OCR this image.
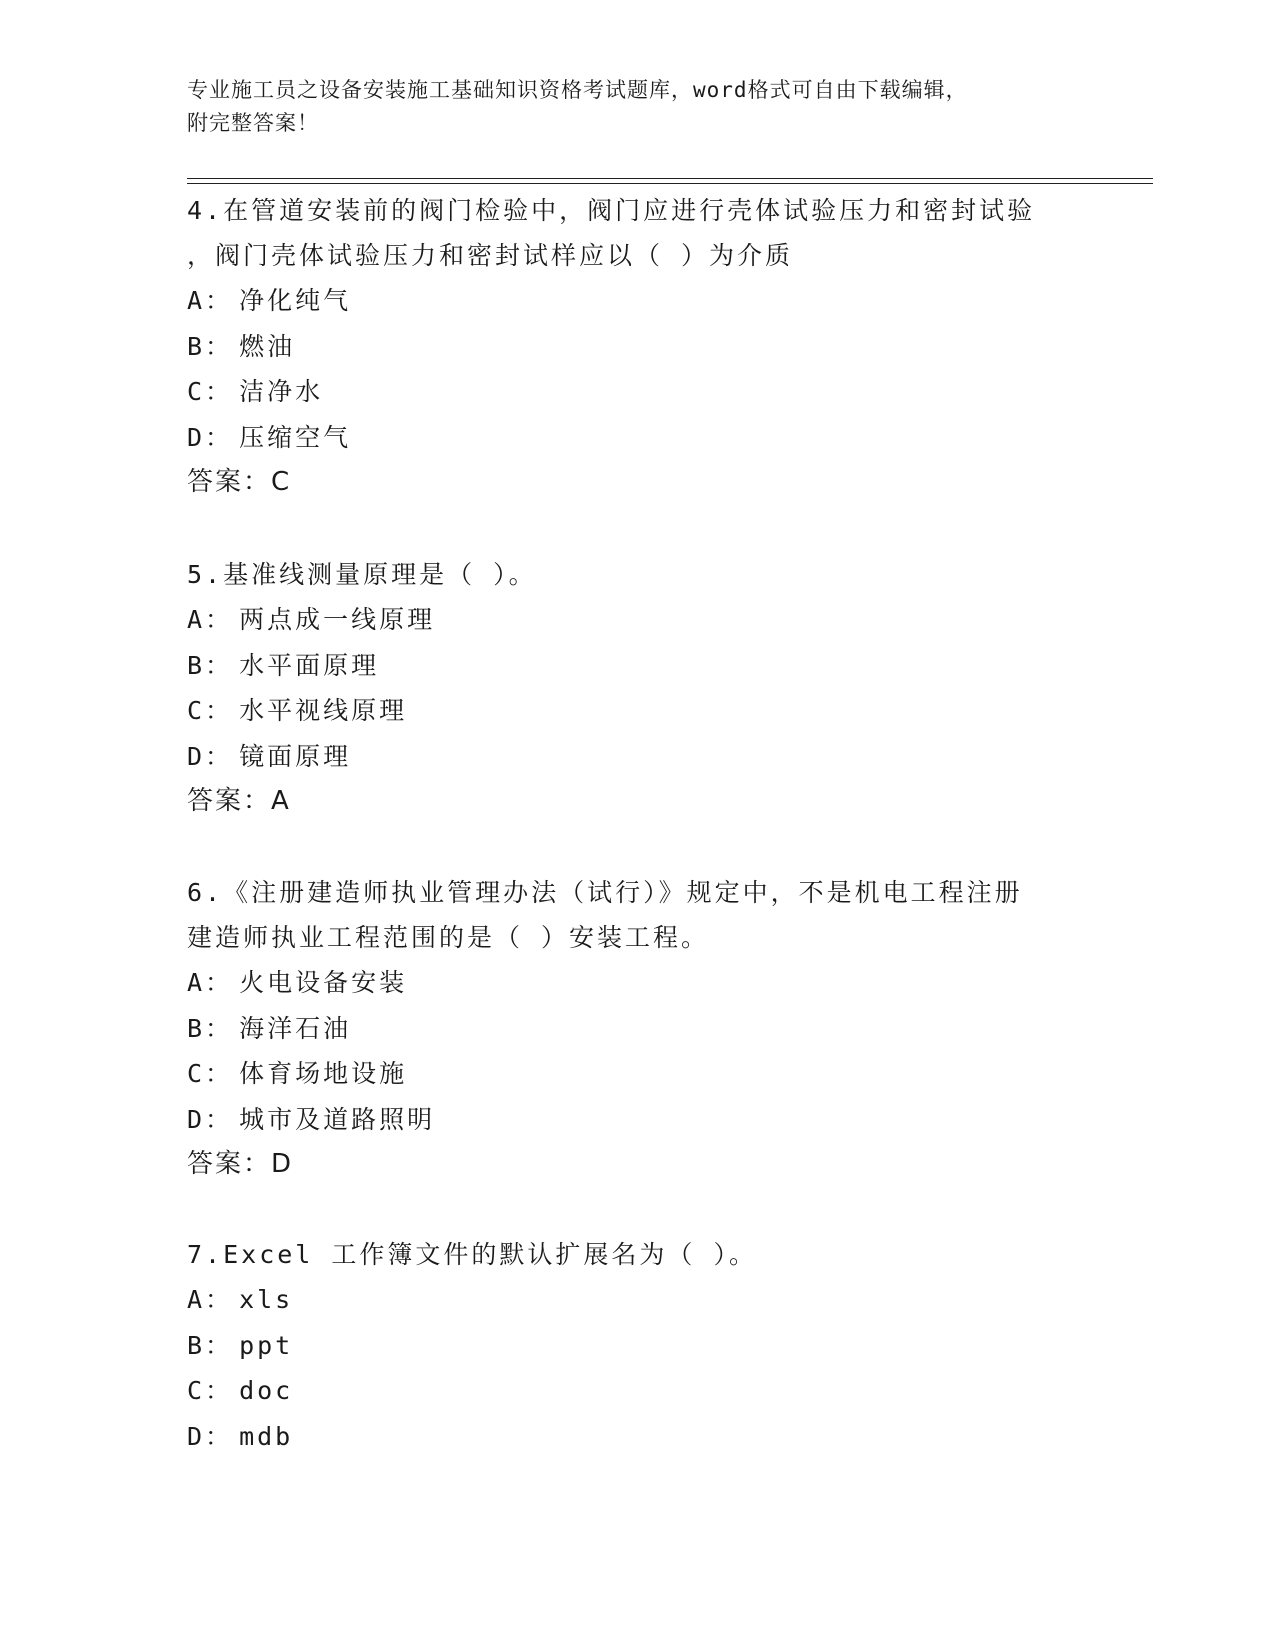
专业施工员之设备安装施工基础知识资格考试题库，word格式可自由下载编辑，
附完整答案！

4.在管道安装前的阀门检验中，阀门应进行壳体试验压力和密封试验
，阀门壳体试验压力和密封试样应以（ ）为介质

A： 净化纯气
B： 燃油
C： 洁净水
D： 压缩空气

答案：C

5.基准线测量原理是（ ）。

A： 两点成一线原理
B： 水平面原理
C： 水平视线原理
D： 镜面原理

答案：A

6.《注册建造师执业管理办法（试行）》规定中，不是机电工程注册
建造师执业工程范围的是（ ）安装工程。

A： 火电设备安装
B： 海洋石油
C： 体育场地设施
D： 城市及道路照明

答案：D

7.Excel 工作簿文件的默认扩展名为（ ）。

A： xls
B： ppt
C： doc
D： mdb
